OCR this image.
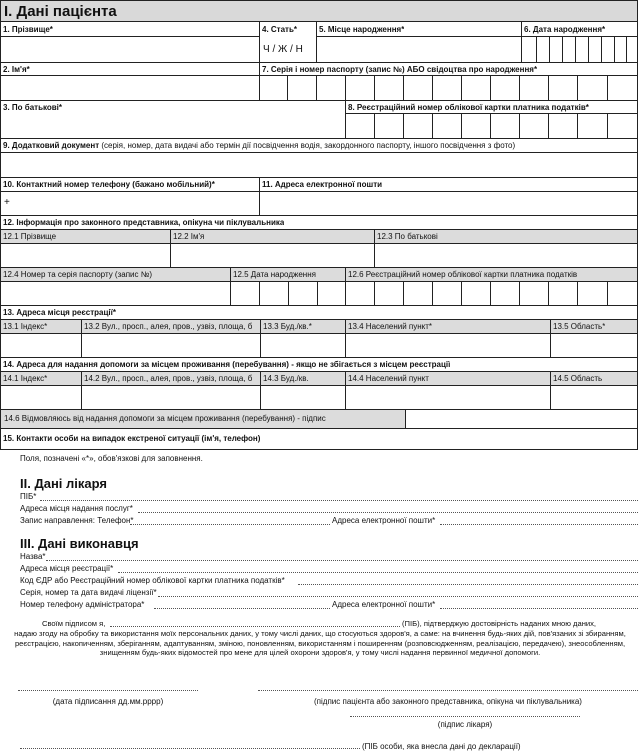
І. Дані пацієнта
1. Прізвище*	4. Стать*	5. Місце народження*	6. Дата народження*
Ч / Ж / Н
2. Ім'я*	7. Серія і номер паспорту (запис №) АБО свідоцтва про народження*
3. По батькові*	8. Реєстраційний номер облікової картки платника податків*
9. Додатковий документ (серія, номер, дата видачі або термін дії посвідчення водія, закордонного паспорту, іншого посвідчення з фото)
10. Контактний номер телефону (бажано мобільний)*	11. Адреса електронної пошти
+
12. Інформація про законного представника, опікуна чи піклувальника
12.1 Прізвище	12.2 Ім'я	12.3 По батькові
12.4 Номер та серія паспорту (запис №)	12.5 Дата народження	12.6 Реєстраційний номер облікової картки платника податків
13. Адреса місця реєстрації*
13.1 Індекс*	13.2 Вул., просп., алея, пров., узвіз, площа, б	13.3 Буд./кв.*	13.4 Населений пункт*	13.5 Область*
14. Адреса для надання допомоги за місцем проживання (перебування) - якщо не збігається з місцем реєстрації
14.1 Індекс*	14.2 Вул., просп., алея, пров., узвіз, площа, б	14.3 Буд./кв.	14.4 Населений пункт	14.5 Область
14.6 Відмовляюсь від надання допомоги за місцем проживання (перебування) - підпис
15. Контакти особи на випадок екстреної ситуації (ім'я, телефон)
Поля, позначені «*», обов'язкові для заповнення.
II. Дані лікаря
ПІБ*
Адреса місця надання послуг*
Запис направлення: Телефон*	Адреса електронної пошти*
III. Дані виконавця
Назва*
Адреса місця реєстрації*
Код ЄДР або Реєстраційний номер облікової картки платника податків*
Серія, номер та дата видачі ліцензії*
Номер телефону адміністратора*	Адреса електронної пошти*
Своїм підписом я,	(ПІБ), підтверджую достовірність наданих мною даних,
надаю згоду на обробку та використання моїх персональних даних, у тому числі даних, що стосуються здоров'я, а саме: на вчинення будь-яких дій, пов'язаних зі збиранням, реєстрацією, накопиченням, зберіганням, адаптуванням, зміною, поновленням, використанням і поширенням (розповсюдженням, реалізацією, передачею), знеособленням, знищенням будь-яких відомостей про мене для цілей охорони здоров'я, у тому числі надання первинної медичної допомоги.
(дата підписання дд.мм.рррр)	(підпис пацієнта або законного представника, опікуна чи піклувальника)
(підпис лікаря)
(ПІБ особи, яка внесла дані до декларації)
